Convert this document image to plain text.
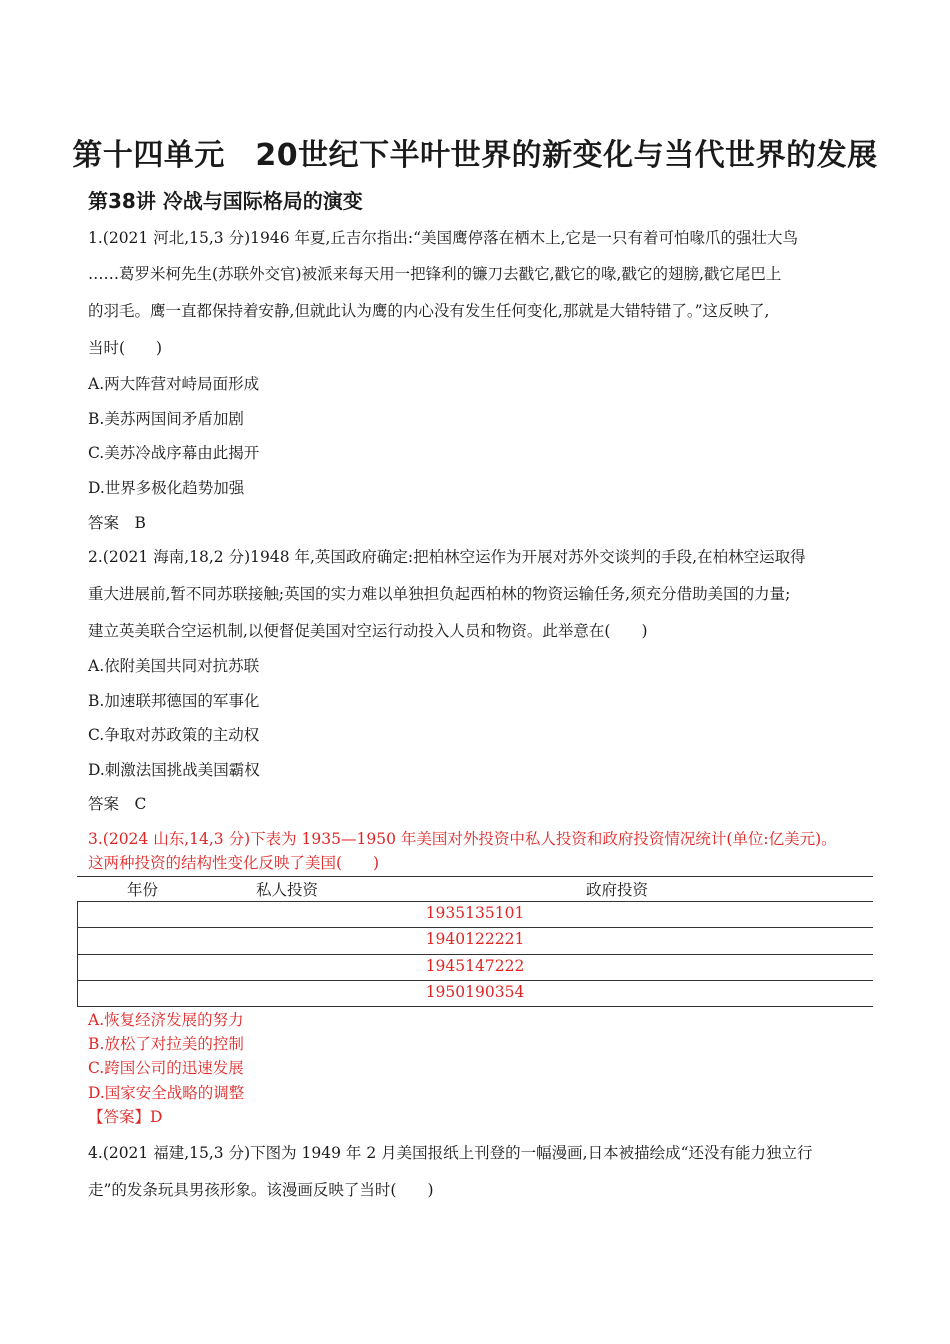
第十四单元　20世纪下半叶世界的新变化与当代世界的发展
第38讲 冷战与国际格局的演变
1.(2021 河北,15,3 分)1946 年夏,丘吉尔指出:“美国鹰停落在栖木上,它是一只有着可怕喙爪的强壮大鸟
……葛罗米柯先生(苏联外交官)被派来每天用一把锋利的镰刀去戳它,戳它的喙,戳它的翅膀,戳它尾巴上
的羽毛。鹰一直都保持着安静,但就此认为鹰的内心没有发生任何变化,那就是大错特错了。”这反映了,
当时(　　)
A.两大阵营对峙局面形成
B.美苏两国间矛盾加剧
C.美苏冷战序幕由此揭开
D.世界多极化趋势加强
答案　B
2.(2021 海南,18,2 分)1948 年,英国政府确定:把柏林空运作为开展对苏外交谈判的手段,在柏林空运取得
重大进展前,暂不同苏联接触;英国的实力难以单独担负起西柏林的物资运输任务,须充分借助美国的力量;
建立英美联合空运机制,以便督促美国对空运行动投入人员和物资。此举意在(　　)
A.依附美国共同对抗苏联
B.加速联邦德国的军事化
C.争取对苏政策的主动权
D.刺激法国挑战美国霸权
答案　C
3.(2024 山东,14,3 分)下表为 1935—1950 年美国对外投资中私人投资和政府投资情况统计(单位:亿美元)。
这两种投资的结构性变化反映了美国(　　)
年份	私人投资	政府投资
1935135101
1940122221
1945147222
1950190354
A.恢复经济发展的努力
B.放松了对拉美的控制
C.跨国公司的迅速发展
D.国家安全战略的调整
【答案】D
4.(2021 福建,15,3 分)下图为 1949 年 2 月美国报纸上刊登的一幅漫画,日本被描绘成“还没有能力独立行
走”的发条玩具男孩形象。该漫画反映了当时(　　)
